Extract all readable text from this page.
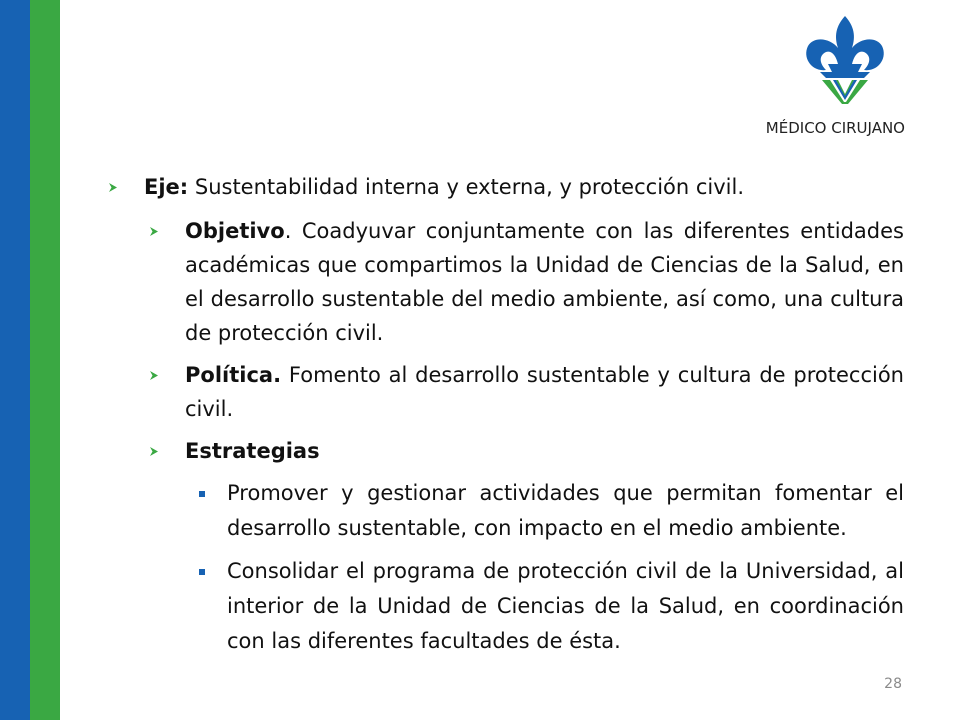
MÉDICO CIRUJANO
Eje: Sustentabilidad interna y externa, y protección civil.
Objetivo. Coadyuvar conjuntamente con las diferentes entidades académicas que compartimos la Unidad de Ciencias de la Salud, en el desarrollo sustentable del medio ambiente, así como, una cultura de protección civil.
Política. Fomento al desarrollo sustentable y cultura de protección civil.
Estrategias
Promover y gestionar actividades que permitan fomentar el desarrollo sustentable, con impacto en el medio ambiente.
Consolidar el programa de protección civil de la Universidad, al interior de la Unidad de Ciencias de la Salud, en coordinación con las diferentes facultades de ésta.
28
